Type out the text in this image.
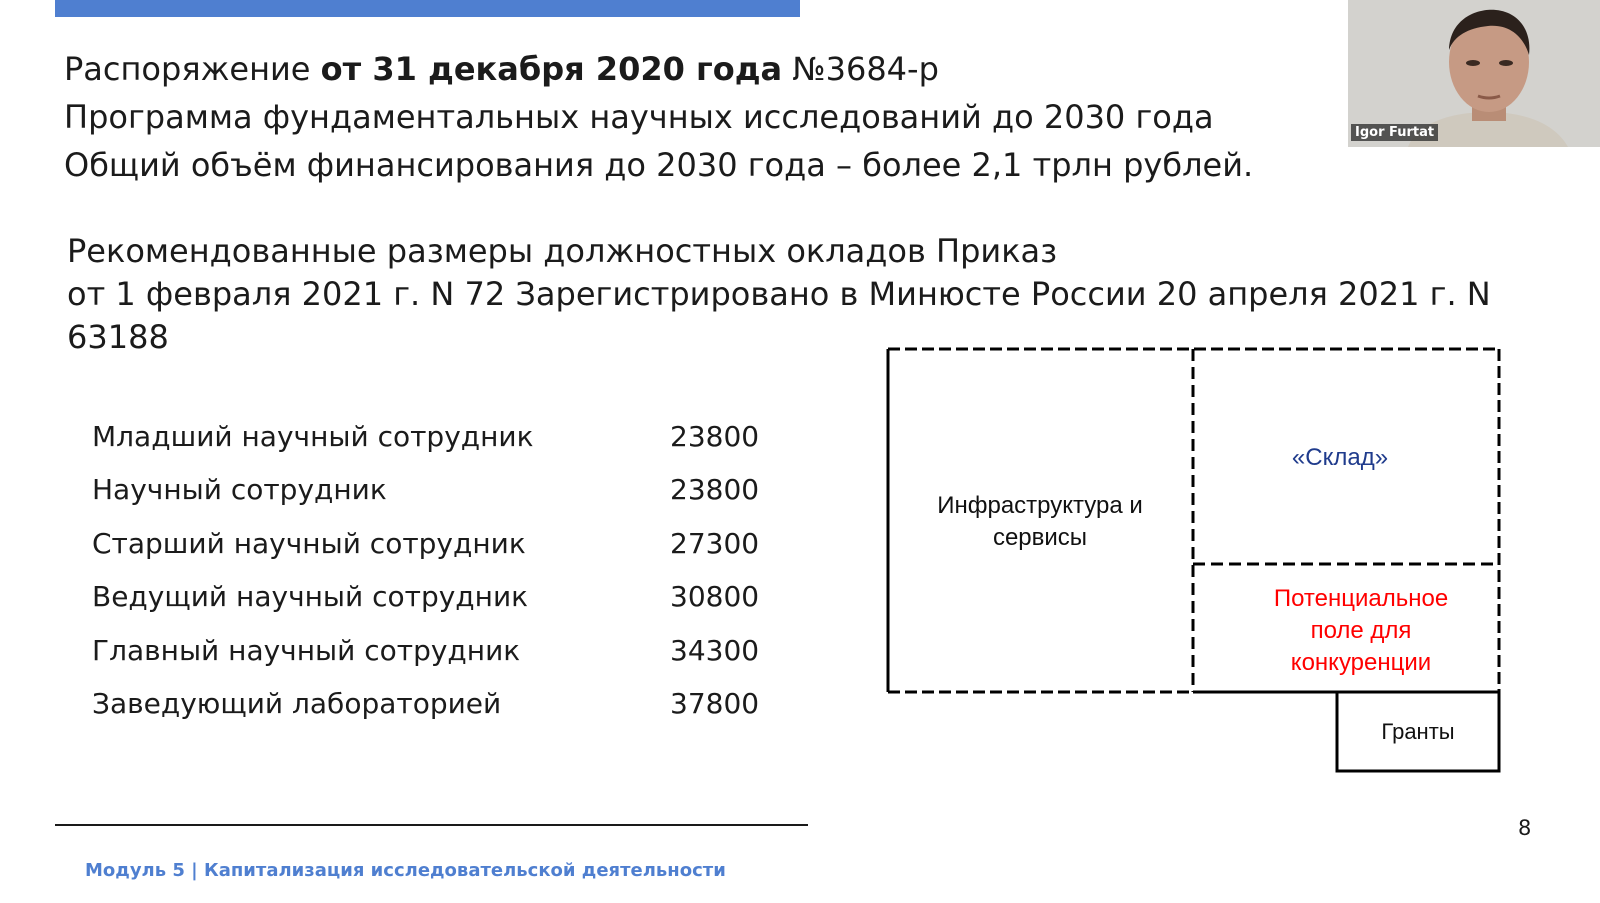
Распоряжение от 31 декабря 2020 года №3684-р
Программа фундаментальных научных исследований до 2030 года
Общий объём финансирования до 2030 года – более 2,1 трлн рублей.
Рекомендованные размеры должностных окладов Приказ
от 1 февраля 2021 г. N 72 Зарегистрировано в Минюсте России 20 апреля 2021 г. N
63188
Младший научный сотрудник	23800
Научный сотрудник	23800
Старший научный сотрудник	27300
Ведущий научный сотрудник	30800
Главный научный сотрудник	34300
Заведующий лабораторией	37800
Инфраструктура и
сервисы
«Склад»
Потенциальное
поле для
конкуренции
Гранты
Модуль 5 | Капитализация исследовательской деятельности
8
Igor Furtat
